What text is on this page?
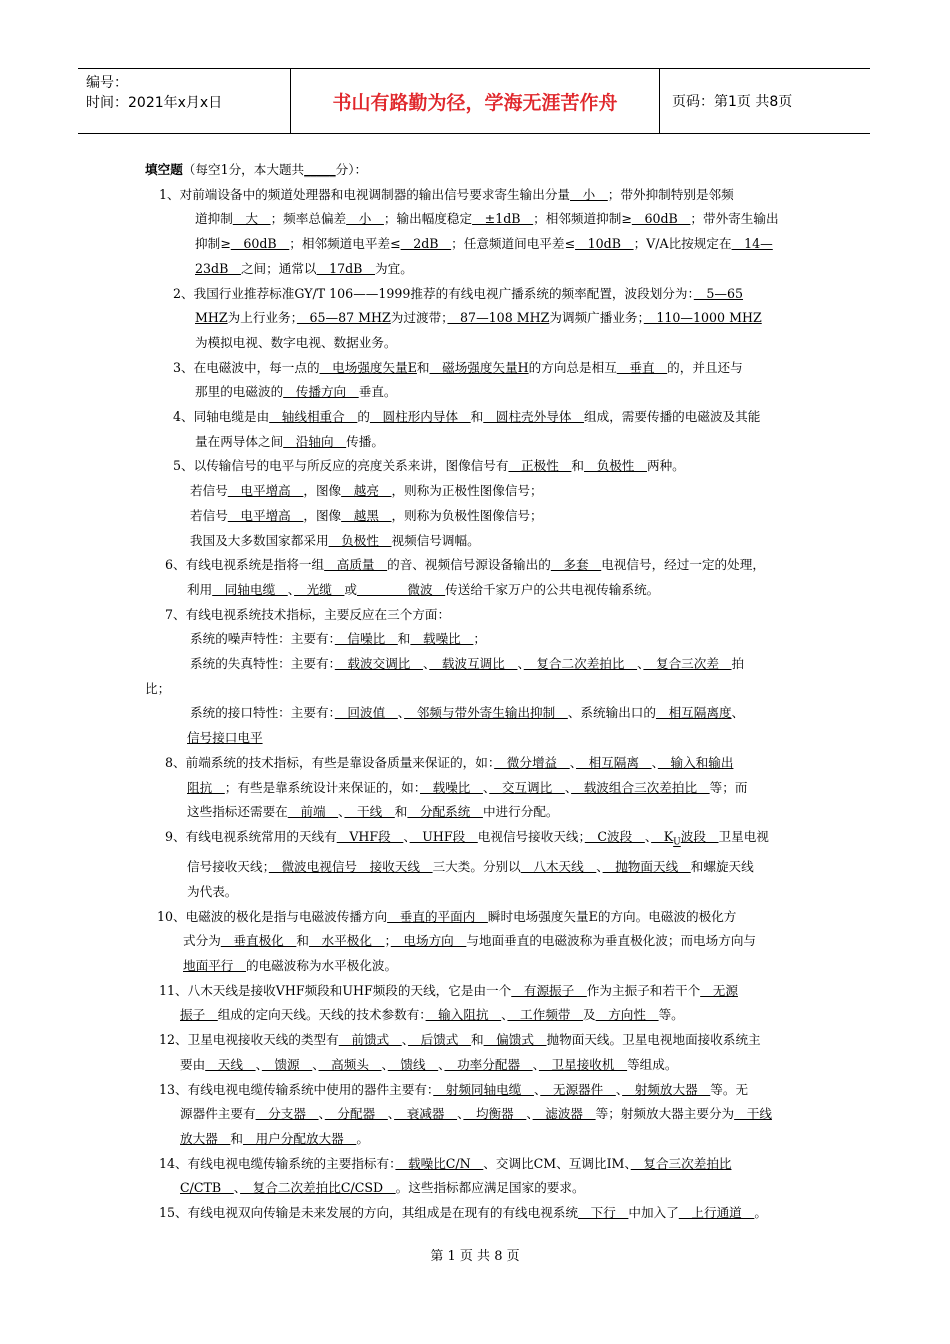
编号：
时间：2021年x月x日	书山有路勤为径，学海无涯苦作舟	页码：第1页 共8页

填空题（每空1分，本大题共_____分）：

1、对前端设备中的频道处理器和电视调制器的输出信号要求寄生输出分量　小　；带外抑制特别是邻频

道抑制　大　；频率总偏差　小　；输出幅度稳定　±1dB　；相邻频道抑制≥　60dB　；带外寄生输出

抑制≥　60dB　；相邻频道电平差≤　2dB　；任意频道间电平差≤　10dB　；V/A比按规定在　14—

23dB　之间；通常以　17dB　为宜。

2、我国行业推荐标准GY/T 106——1999推荐的有线电视广播系统的频率配置，波段划分为：　5—65

MHZ为上行业务；　65—87 MHZ为过渡带；　87—108 MHZ为调频广播业务；　110—1000 MHZ

为模拟电视、数字电视、数据业务。

3、在电磁波中，每一点的　电场强度矢量E和　磁场强度矢量H的方向总是相互　垂直　的，并且还与

那里的电磁波的　传播方向　垂直。

4、同轴电缆是由　轴线相重合　的　圆柱形内导体　和　圆柱壳外导体　组成，需要传播的电磁波及其能

量在两导体之间　沿轴向　传播。

5、以传输信号的电平与所反应的亮度关系来讲，图像信号有　正极性　和　负极性　两种。

若信号　电平增高　，图像　越亮　，则称为正极性图像信号；

若信号　电平增高　，图像　越黑　，则称为负极性图像信号；

我国及大多数国家都采用　负极性　视频信号调幅。

6、有线电视系统是指将一组　高质量　的音、视频信号源设备输出的　多套　电视信号，经过一定的处理，

利用　同轴电缆　、　光缆　或　　　　微波　传送给千家万户的公共电视传输系统。

7、有线电视系统技术指标，主要反应在三个方面：

系统的噪声特性：主要有：　信噪比　和　载噪比　；

系统的失真特性：主要有：　载波交调比　、　载波互调比　、　复合二次差拍比　、　复合三次差　拍

比；

系统的接口特性：主要有：　回波值　、　邻频与带外寄生输出抑制　、系统输出口的　相互隔离度、

信号接口电平

8、前端系统的技术指标，有些是靠设备质量来保证的，如：　微分增益　、　相互隔离　、　输入和输出

阻抗　；有些是靠系统设计来保证的，如：　载噪比　、　交互调比　、　载波组合三次差拍比　等；而

这些指标还需要在　前端　、　干线　和　分配系统　中进行分配。

9、有线电视系统常用的天线有　VHF段　、　UHF段　电视信号接收天线；　C波段　、　$K_U$波段　卫星电视

信号接收天线；　微波电视信号　接收天线　三大类。分别以　八木天线　、　抛物面天线　和螺旋天线

为代表。

10、电磁波的极化是指与电磁波传播方向　垂直的平面内　瞬时电场强度矢量E的方向。电磁波的极化方

式分为　垂直极化　和　水平极化　；　电场方向　与地面垂直的电磁波称为垂直极化波；而电场方向与

地面平行　的电磁波称为水平极化波。

11、八木天线是接收VHF频段和UHF频段的天线，它是由一个　有源振子　作为主振子和若干个　无源

振子　组成的定向天线。天线的技术参数有：　输入阻抗　、　工作频带　及　方向性　等。

12、卫星电视接收天线的类型有　前馈式　、　后馈式　和　偏馈式　抛物面天线。卫星电视地面接收系统主

要由　天线　、　馈源　、　高频头　、　馈线　、　功率分配器　、　卫星接收机　等组成。

13、有线电视电缆传输系统中使用的器件主要有：　射频同轴电缆　、　无源器件　、　射频放大器　等。无

源器件主要有　分支器　、　分配器　、　衰减器　、　均衡器　、　滤波器　等；射频放大器主要分为　干线

放大器　和　用户分配放大器　。

14、有线电视电缆传输系统的主要指标有：　载噪比C/N　、交调比CM、互调比IM、　复合三次差拍比

C/CTB　、　复合二次差拍比C/CSD　。这些指标都应满足国家的要求。

15、有线电视双向传输是未来发展的方向，其组成是在现有的有线电视系统　下行　中加入了　上行通道　。

第 1 页 共 8 页
